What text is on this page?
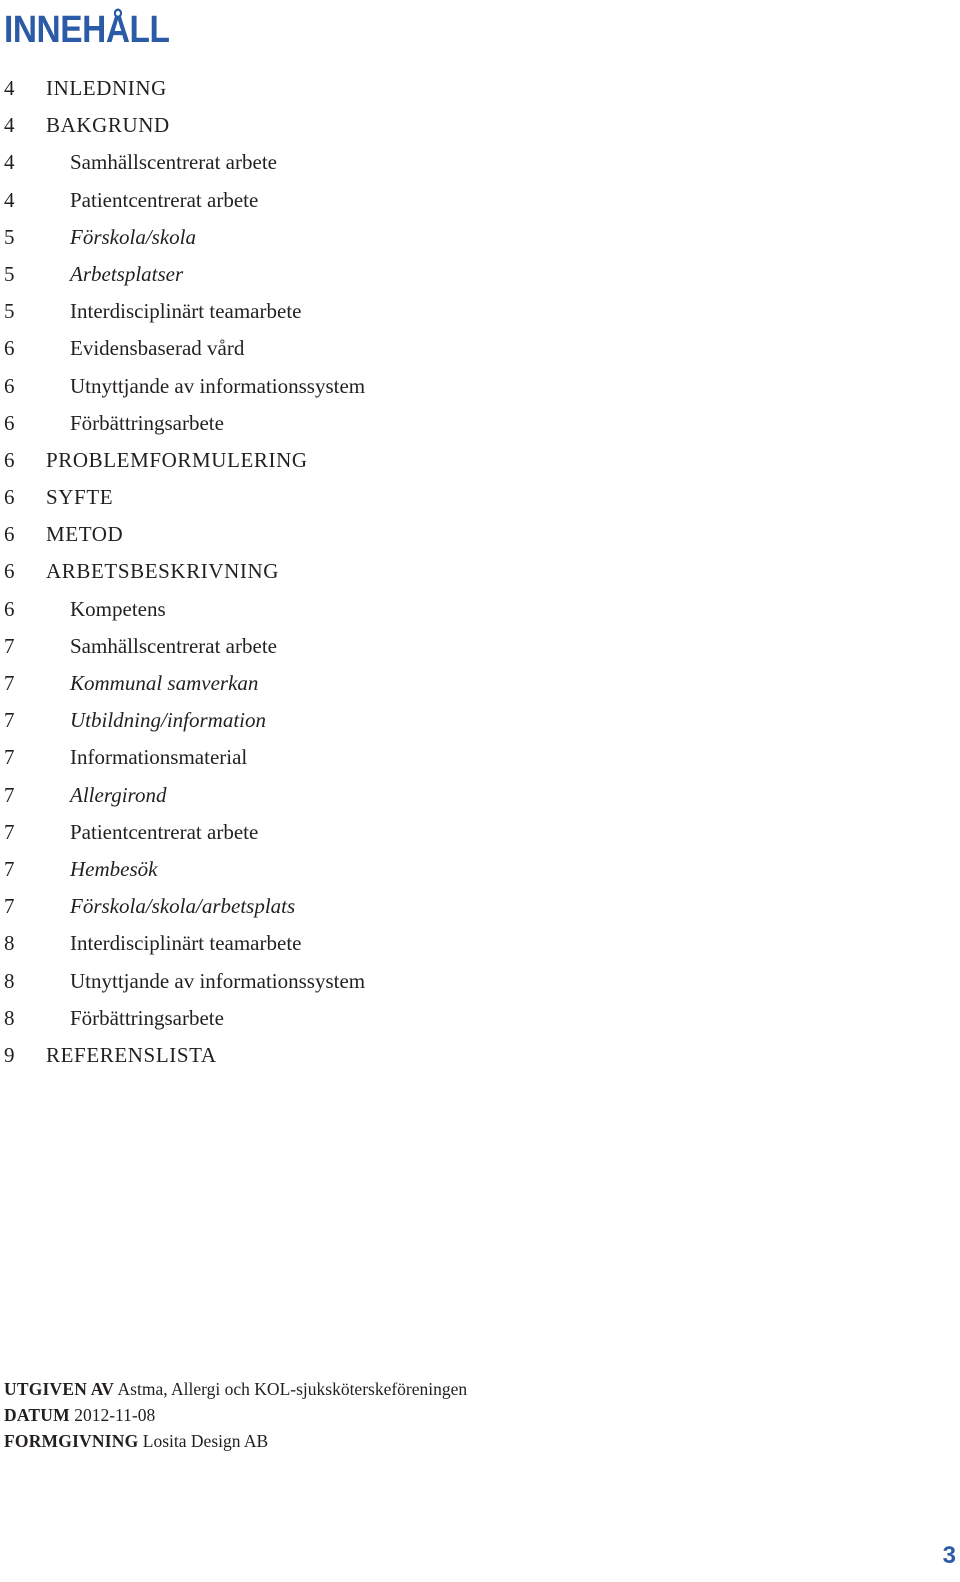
INNEHÅLL
4 INLEDNING
4 BAKGRUND
4	Samhällscentrerat arbete
4	Patientcentrerat arbete
5	Förskola/skola
5	Arbetsplatser
5	Interdisciplinärt teamarbete
6	Evidensbaserad vård
6	Utnyttjande av informationssystem
6	Förbättringsarbete
6 PROBLEMFORMULERING
6 SYFTE
6 METOD
6 ARBETSBESKRIVNING
6	Kompetens
7	Samhällscentrerat arbete
7	Kommunal samverkan
7	Utbildning/information
7	Informationsmaterial
7	Allergirond
7	Patientcentrerat arbete
7	Hembesök
7	Förskola/skola/arbetsplats
8	Interdisciplinärt teamarbete
8	Utnyttjande av informationssystem
8	Förbättringsarbete
9 REFERENSLISTA
UTGIVEN AV Astma, Allergi och KOL-sjuksköterskeföreningen
DATUM 2012-11-08
FORMGIVNING Losita Design AB
3
